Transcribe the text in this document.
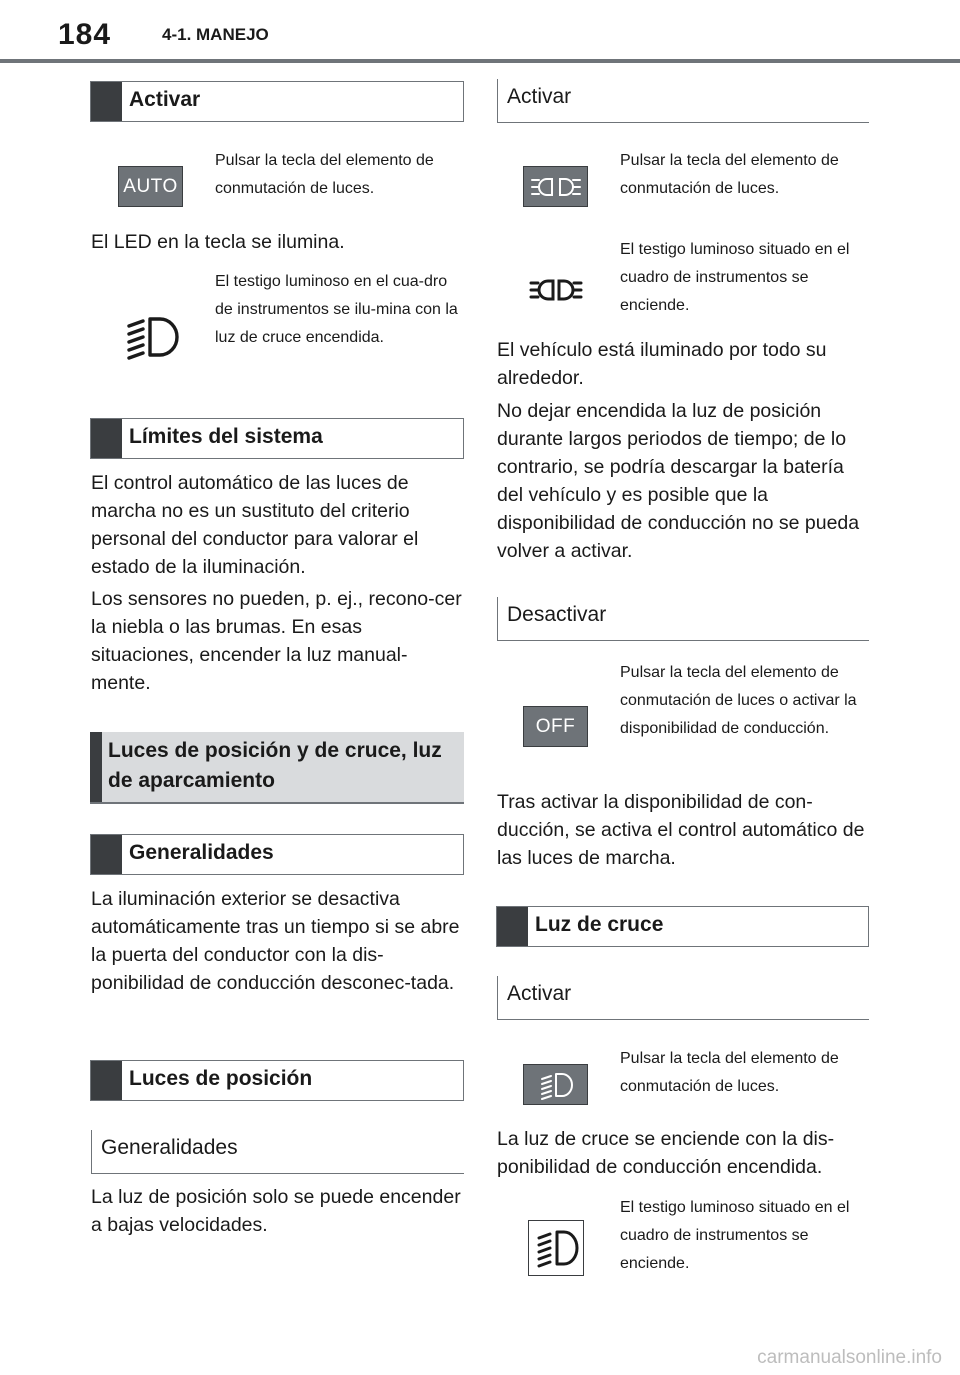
184	4-1. MANEJO
Activar
AUTO
Pulsar la tecla del elemento de conmutación de luces.
El LED en la tecla se ilumina.
El testigo luminoso en el cua-dro de instrumentos se ilu-mina con la luz de cruce encendida.
Límites del sistema
El control automático de las luces de marcha no es un sustituto del criterio personal del conductor para valorar el estado de la iluminación.
Los sensores no pueden, p. ej., recono-cer la niebla o las brumas. En esas situaciones, encender la luz manual-mente.
Luces de posición y de cruce, luz de aparcamiento
Generalidades
La iluminación exterior se desactiva automáticamente tras un tiempo si se abre la puerta del conductor con la dis-ponibilidad de conducción desconec-tada.
Luces de posición
Generalidades
La luz de posición solo se puede encender a bajas velocidades.
Activar
Pulsar la tecla del elemento de conmutación de luces.
El testigo luminoso situado en el cuadro de instrumentos se enciende.
El vehículo está iluminado por todo su alrededor.
No dejar encendida la luz de posición durante largos periodos de tiempo; de lo contrario, se podría descargar la batería del vehículo y es posible que la disponibilidad de conducción no se pueda volver a activar.
Desactivar
OFF
Pulsar la tecla del elemento de conmutación de luces o activar la disponibilidad de conducción.
Tras activar la disponibilidad de con-ducción, se activa el control automático de las luces de marcha.
Luz de cruce
Activar
Pulsar la tecla del elemento de conmutación de luces.
La luz de cruce se enciende con la dis-ponibilidad de conducción encendida.
El testigo luminoso situado en el cuadro de instrumentos se enciende.
carmanualsonline.info
